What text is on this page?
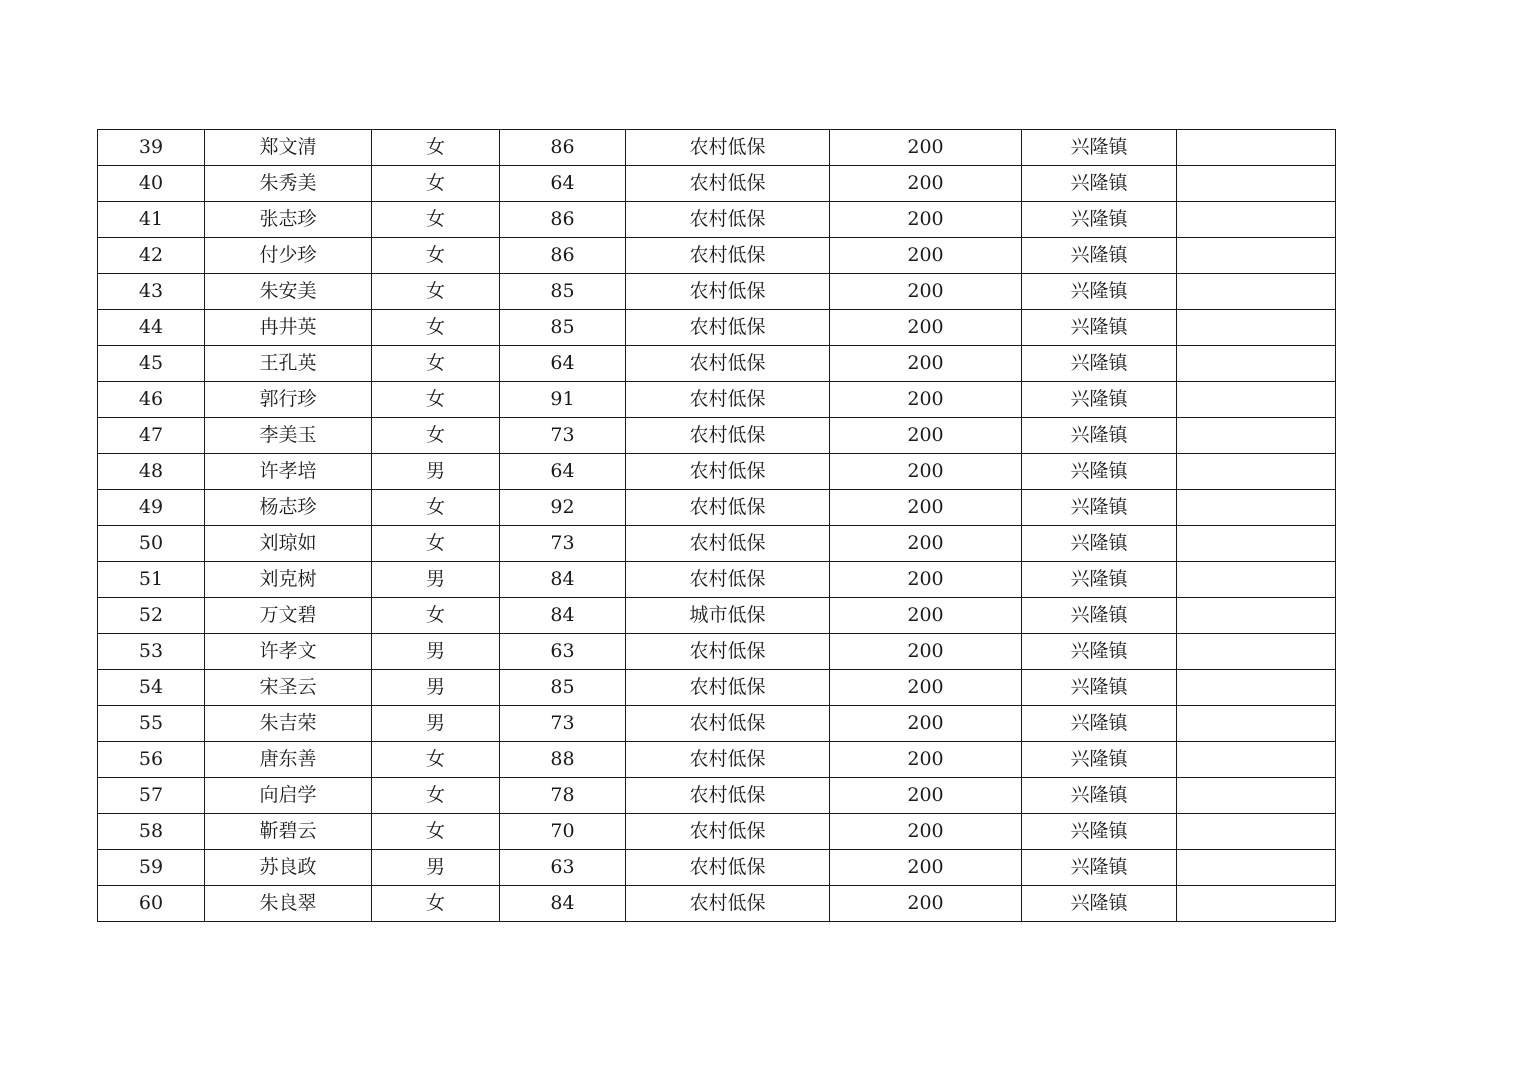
39	郑文清	女	86	农村低保	200	兴隆镇	
40	朱秀美	女	64	农村低保	200	兴隆镇	
41	张志珍	女	86	农村低保	200	兴隆镇	
42	付少珍	女	86	农村低保	200	兴隆镇	
43	朱安美	女	85	农村低保	200	兴隆镇	
44	冉井英	女	85	农村低保	200	兴隆镇	
45	王孔英	女	64	农村低保	200	兴隆镇	
46	郭行珍	女	91	农村低保	200	兴隆镇	
47	李美玉	女	73	农村低保	200	兴隆镇	
48	许孝培	男	64	农村低保	200	兴隆镇	
49	杨志珍	女	92	农村低保	200	兴隆镇	
50	刘琼如	女	73	农村低保	200	兴隆镇	
51	刘克树	男	84	农村低保	200	兴隆镇	
52	万文碧	女	84	城市低保	200	兴隆镇	
53	许孝文	男	63	农村低保	200	兴隆镇	
54	宋圣云	男	85	农村低保	200	兴隆镇	
55	朱吉荣	男	73	农村低保	200	兴隆镇	
56	唐东善	女	88	农村低保	200	兴隆镇	
57	向启学	女	78	农村低保	200	兴隆镇	
58	靳碧云	女	70	农村低保	200	兴隆镇	
59	苏良政	男	63	农村低保	200	兴隆镇	
60	朱良翠	女	84	农村低保	200	兴隆镇	
